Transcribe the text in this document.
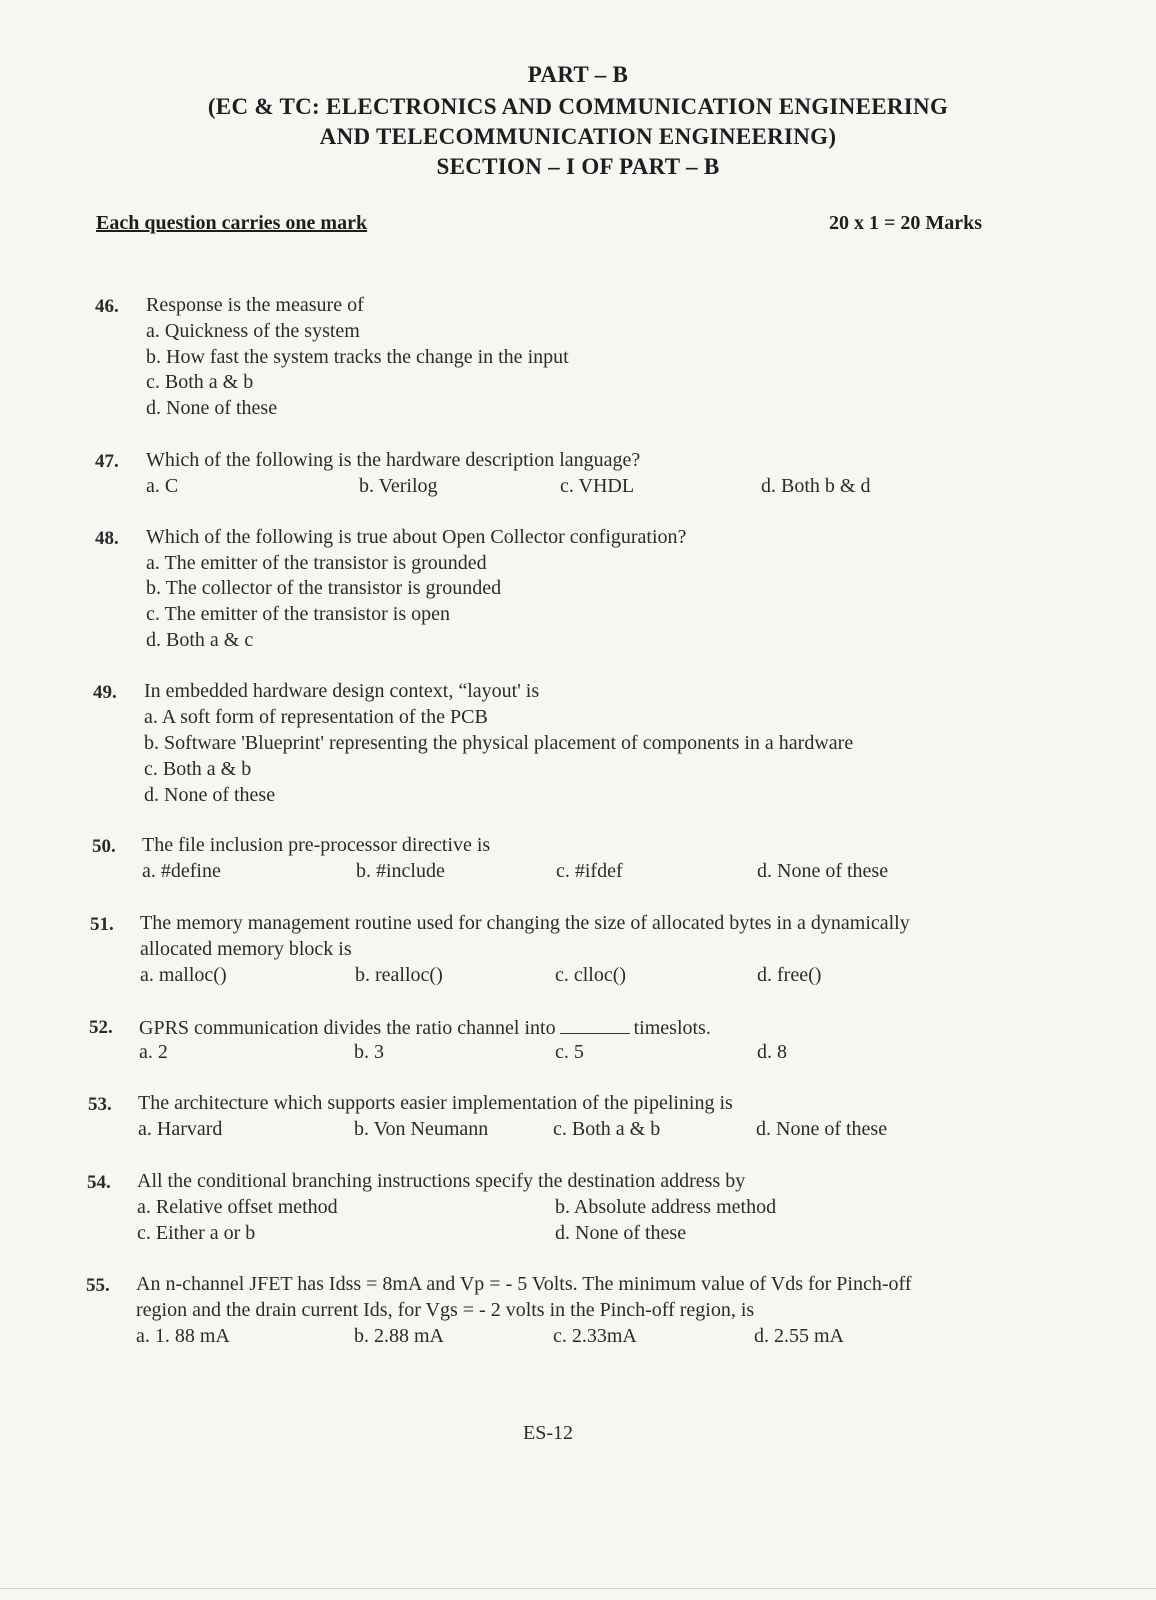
PART – B
(EC & TC: ELECTRONICS AND COMMUNICATION ENGINEERING
AND TELECOMMUNICATION ENGINEERING)
SECTION – I OF PART – B
Each question carries one mark	20 x 1 = 20 Marks
46. Response is the measure of
a. Quickness of the system
b. How fast the system tracks the change in the input
c. Both a & b
d. None of these
47. Which of the following is the hardware description language?
a. C	b. Verilog	c. VHDL	d. Both b & d
48. Which of the following is true about Open Collector configuration?
a. The emitter of the transistor is grounded
b. The collector of the transistor is grounded
c. The emitter of the transistor is open
d. Both a & c
49. In embedded hardware design context, “layout' is
a. A soft form of representation of the PCB
b. Software 'Blueprint' representing the physical placement of components in a hardware
c. Both a & b
d. None of these
50. The file inclusion pre-processor directive is
a. #define	b. #include	c. #ifdef	d. None of these
51. The memory management routine used for changing the size of allocated bytes in a dynamically
allocated memory block is
a. malloc()	b. realloc()	c. clloc()	d. free()
52. GPRS communication divides the ratio channel into	timeslots.
a. 2	b. 3	c. 5	d. 8
53. The architecture which supports easier implementation of the pipelining is
a. Harvard	b. Von Neumann	c. Both a & b	d. None of these
54. All the conditional branching instructions specify the destination address by
a. Relative offset method	b. Absolute address method
c. Either a or b	d. None of these
55. An n-channel JFET has Idss = 8mA and Vp = - 5 Volts. The minimum value of Vds for Pinch-off
region and the drain current Ids, for Vgs = - 2 volts in the Pinch-off region, is
a. 1. 88 mA	b. 2.88 mA	c. 2.33mA	d. 2.55 mA
ES-12
